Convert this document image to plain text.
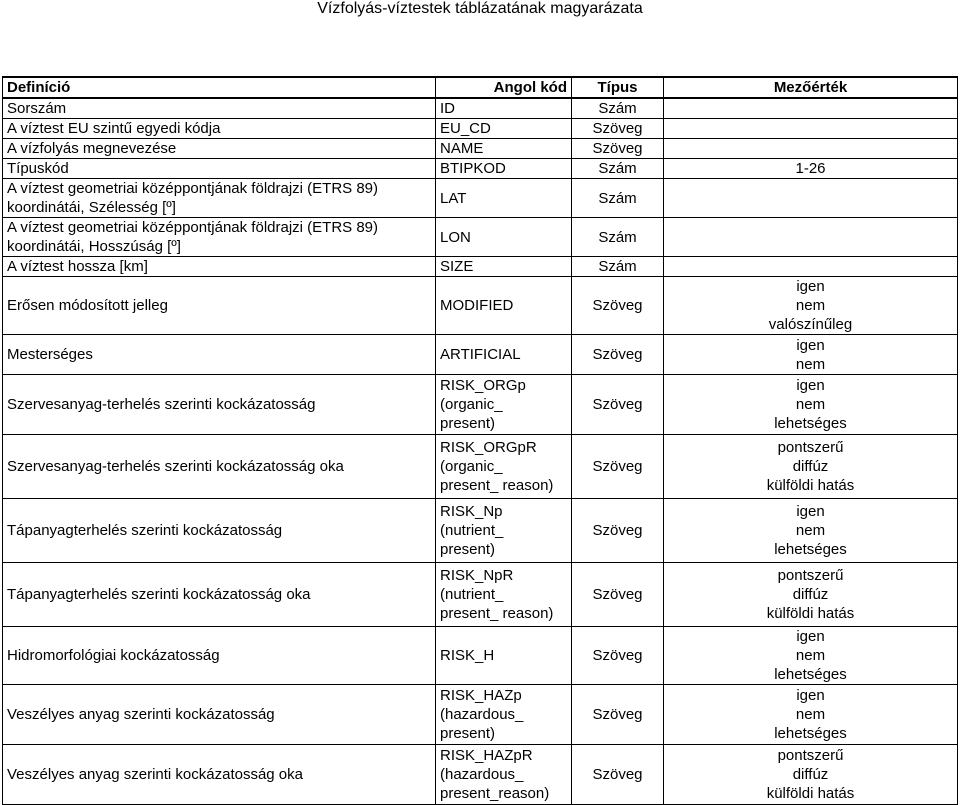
Vízfolyás-víztestek táblázatának magyarázata
Definíció	Angol kód	Típus	Mezőérték

Sorszám	ID	Szám	

A víztest EU szintű egyedi kódja	EU_CD	Szöveg	

A vízfolyás megnevezése	NAME	Szöveg	

Típuskód	BTIPKOD	Szám	1-26

A víztest geometriai középpontjának földrajzi (ETRS 89)
koordinátái, Szélesség [º]	LAT	Szám	

A víztest geometriai középpontjának földrajzi (ETRS 89)
koordinátái, Hosszúság [º]	LON	Szám	

A víztest hossza [km]	SIZE	Szám	

Erősen módosított jelleg	MODIFIED	Szöveg	igen
nem
valószínűleg

Mesterséges	ARTIFICIAL	Szöveg	igen
nem

Szervesanyag-terhelés szerinti kockázatosság	RISK_ORGp
(organic_
present)	Szöveg	igen
nem
lehetséges

Szervesanyag-terhelés szerinti kockázatosság oka	RISK_ORGpR
(organic_
present_ reason)	Szöveg	pontszerű
diffúz
külföldi hatás

Tápanyagterhelés szerinti kockázatosság	RISK_Np
(nutrient_
present)	Szöveg	igen
nem
lehetséges

Tápanyagterhelés szerinti kockázatosság oka	RISK_NpR
(nutrient_
present_ reason)	Szöveg	pontszerű
diffúz
külföldi hatás

Hidromorfológiai kockázatosság	RISK_H	Szöveg	igen
nem
lehetséges

Veszélyes anyag szerinti kockázatosság	RISK_HAZp
(hazardous_
present)	Szöveg	igen
nem
lehetséges

Veszélyes anyag szerinti kockázatosság oka	RISK_HAZpR
(hazardous_
present_reason)	Szöveg	pontszerű
diffúz
külföldi hatás
